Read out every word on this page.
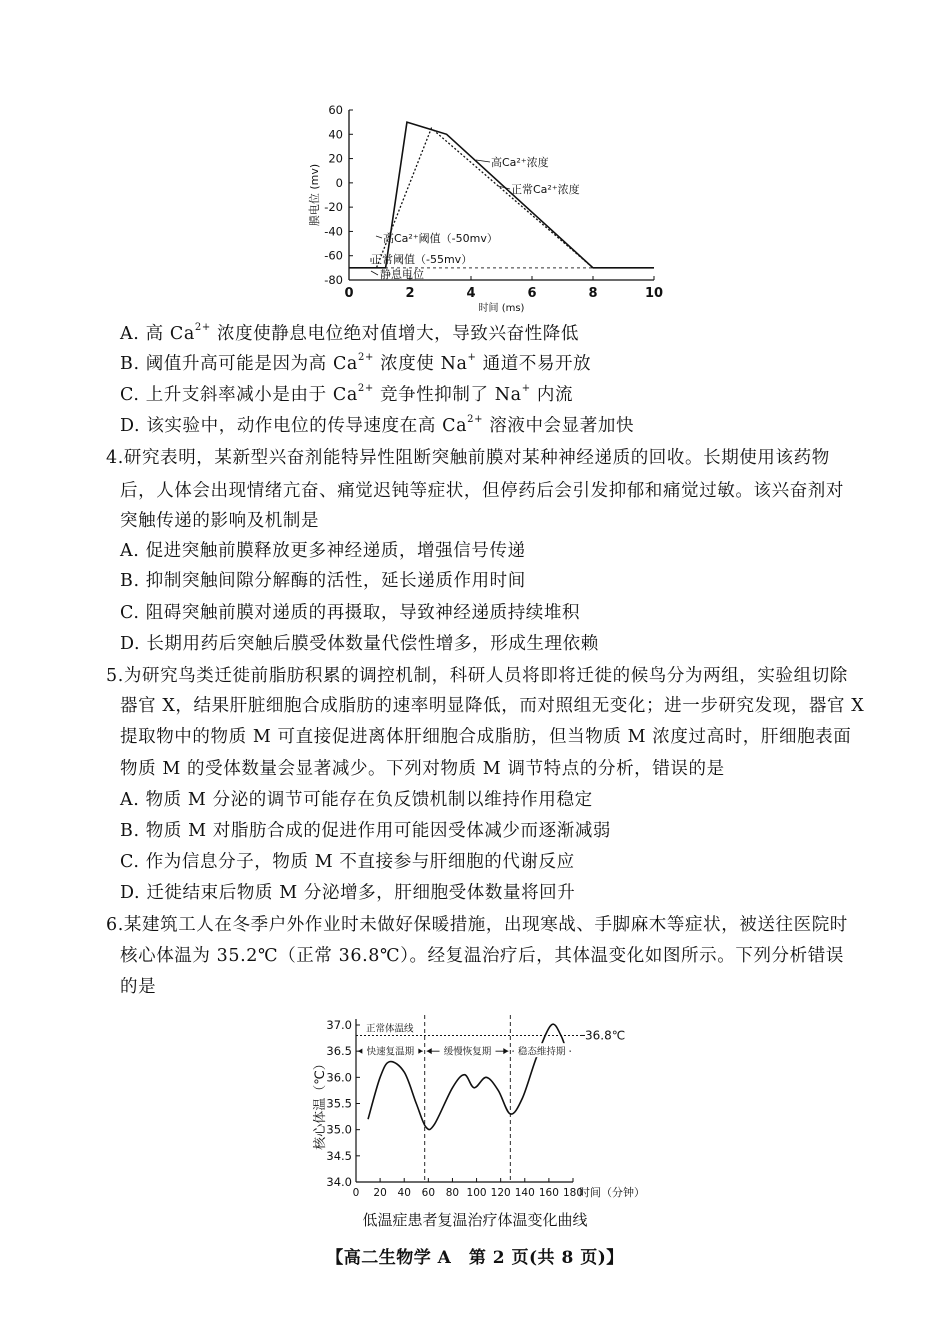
60
40
20
0
-20
-40
-60
-80
0	2	4	6	8	10
时间 (ms)
膜电位 (mv)
高Ca²⁺浓度
正常Ca²⁺浓度
高Ca²⁺阈值（-50mv）
正常阈值（-55mv）
静息电位
A. 高 $Ca^{2+}$ 浓度使静息电位绝对值增大，导致兴奋性降低
B. 阈值升高可能是因为高 $Ca^{2+}$ 浓度使 Na+ 通道不易开放
C. 上升支斜率减小是由于 $Ca^{2+}$ 竞争性抑制了 Na+ 内流
D. 该实验中，动作电位的传导速度在高 $Ca^{2+}$ 溶液中会显著加快
4.研究表明，某新型兴奋剂能特异性阻断突触前膜对某种神经递质的回收。长期使用该药物
后，人体会出现情绪亢奋、痛觉迟钝等症状，但停药后会引发抑郁和痛觉过敏。该兴奋剂对
突触传递的影响及机制是
A. 促进突触前膜释放更多神经递质，增强信号传递
B. 抑制突触间隙分解酶的活性，延长递质作用时间
C. 阻碍突触前膜对递质的再摄取，导致神经递质持续堆积
D. 长期用药后突触后膜受体数量代偿性增多，形成生理依赖
5.为研究鸟类迁徙前脂肪积累的调控机制，科研人员将即将迁徙的候鸟分为两组，实验组切除
器官 X，结果肝脏细胞合成脂肪的速率明显降低，而对照组无变化；进一步研究发现，器官 X
提取物中的物质 M 可直接促进离体肝细胞合成脂肪，但当物质 M 浓度过高时，肝细胞表面
物质 M 的受体数量会显著减少。下列对物质 M 调节特点的分析，错误的是
A. 物质 M 分泌的调节可能存在负反馈机制以维持作用稳定
B. 物质 M 对脂肪合成的促进作用可能因受体减少而逐渐减弱
C. 作为信息分子，物质 M 不直接参与肝细胞的代谢反应
D. 迁徙结束后物质 M 分泌增多，肝细胞受体数量将回升
6.某建筑工人在冬季户外作业时未做好保暖措施，出现寒战、手脚麻木等症状，被送往医院时
核心体温为 35.2℃（正常 36.8℃）。经复温治疗后，其体温变化如图所示。下列分析错误
的是
37.0
36.5
36.0
35.5
35.0
34.5
34.0
0 20 40 60 80 100 120 140 160 180
时间（分钟）
核心体温（℃）
正常体温线	36.8℃
快速复温期	缓慢恢复期	稳态维持期
低温症患者复温治疗体温变化曲线
【高二生物学 A　第 2 页(共 8 页)】
